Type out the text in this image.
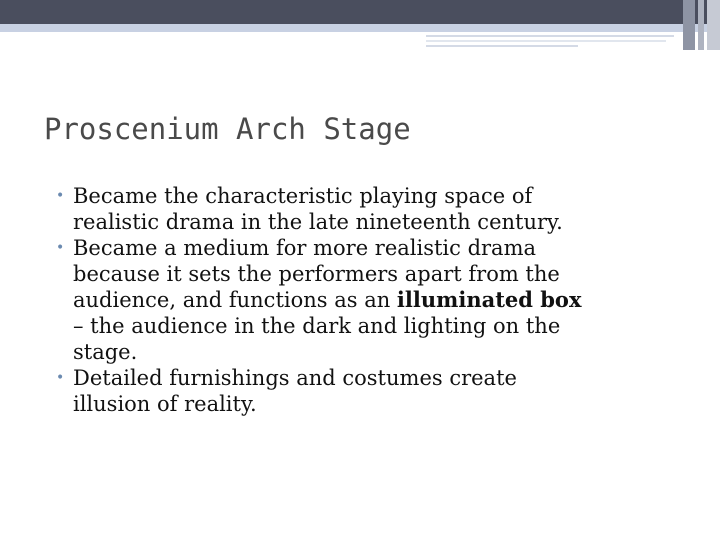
Proscenium Arch Stage
• Became the characteristic playing space of
realistic drama in the late nineteenth century.
• Became a medium for more realistic drama
because it sets the performers apart from the
audience, and functions as an illuminated box
– the audience in the dark and lighting on the
stage.
• Detailed furnishings and costumes create
illusion of reality.
